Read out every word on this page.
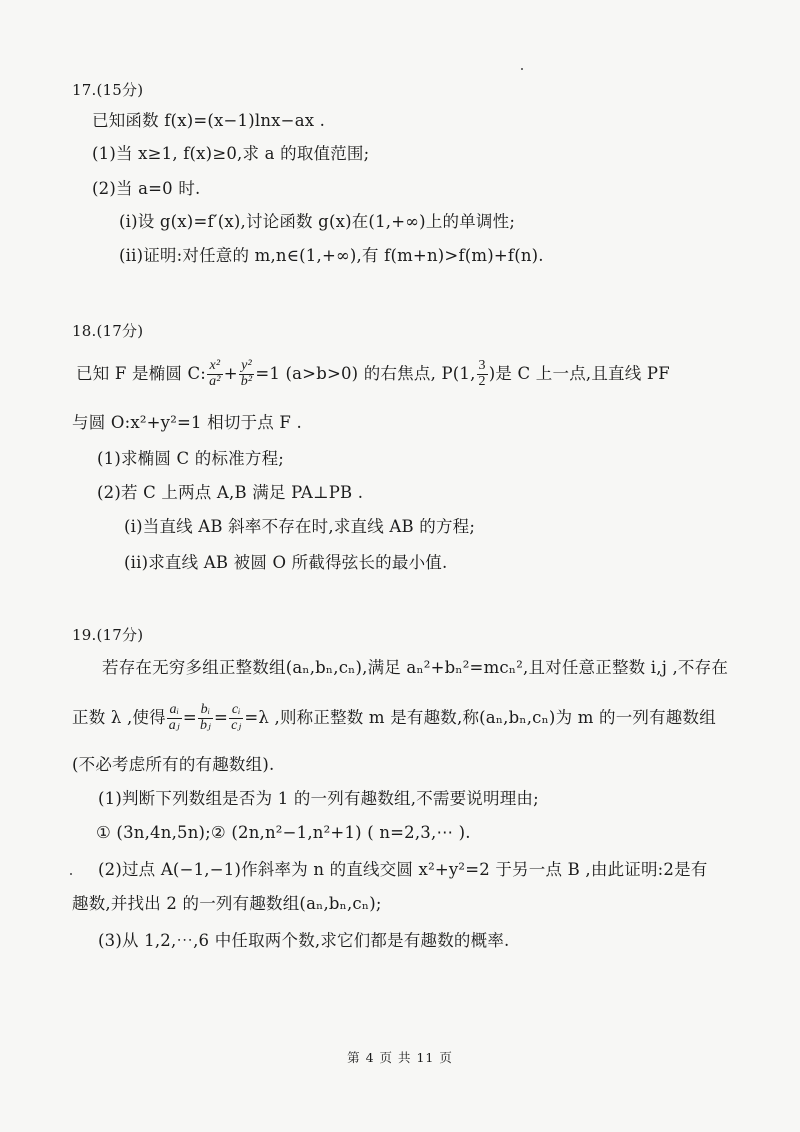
17.(15分)
已知函数 f(x)=(x−1)lnx−ax .
(1)当 x≥1, f(x)≥0,求 a 的取值范围;
(2)当 a=0 时.
(i)设 g(x)=f′(x),讨论函数 g(x)在(1,+∞)上的单调性;
(ii)证明:对任意的 m,n∈(1,+∞),有 f(m+n)>f(m)+f(n).
18.(17分)
已知 F 是椭圆 C: $\frac{\text{x²}}{\text{a²}} + \frac{\text{y²}}{\text{b²}} =1$ (a>b>0) 的右焦点, P(1, $\frac{3}{2}$ )是 C 上一点,且直线 PF
与圆 O:x²+y²=1 相切于点 F .
(1)求椭圆 C 的标准方程;
(2)若 C 上两点 A,B 满足 PA⊥PB .
(i)当直线 AB 斜率不存在时,求直线 AB 的方程;
(ii)求直线 AB 被圆 O 所截得弦长的最小值.
19.(17分)
若存在无穷多组正整数组(aₙ,bₙ,cₙ),满足 aₙ²+bₙ²=mcₙ²,且对任意正整数 i,j ,不存在
正数 λ ,使得 $\frac{\text{aᵢ}}{\text{aⱼ}} = \frac{\text{bᵢ}}{\text{bⱼ}} = \frac{\text{cᵢ}}{\text{cⱼ}} =\lambda$ ,则称正整数 m 是有趣数,称(aₙ,bₙ,cₙ)为 m 的一列有趣数组
(不必考虑所有的有趣数组).
(1)判断下列数组是否为 1 的一列有趣数组,不需要说明理由;
① (3n,4n,5n);② (2n,n²−1,n²+1) ( n=2,3,⋯ ).
(2)过点 A(−1,−1)作斜率为 n 的直线交圆 x²+y²=2 于另一点 B ,由此证明:2是有
趣数,并找出 2 的一列有趣数组(aₙ,bₙ,cₙ);
(3)从 1,2,⋯,6 中任取两个数,求它们都是有趣数的概率.
第 4 页 共 11 页
